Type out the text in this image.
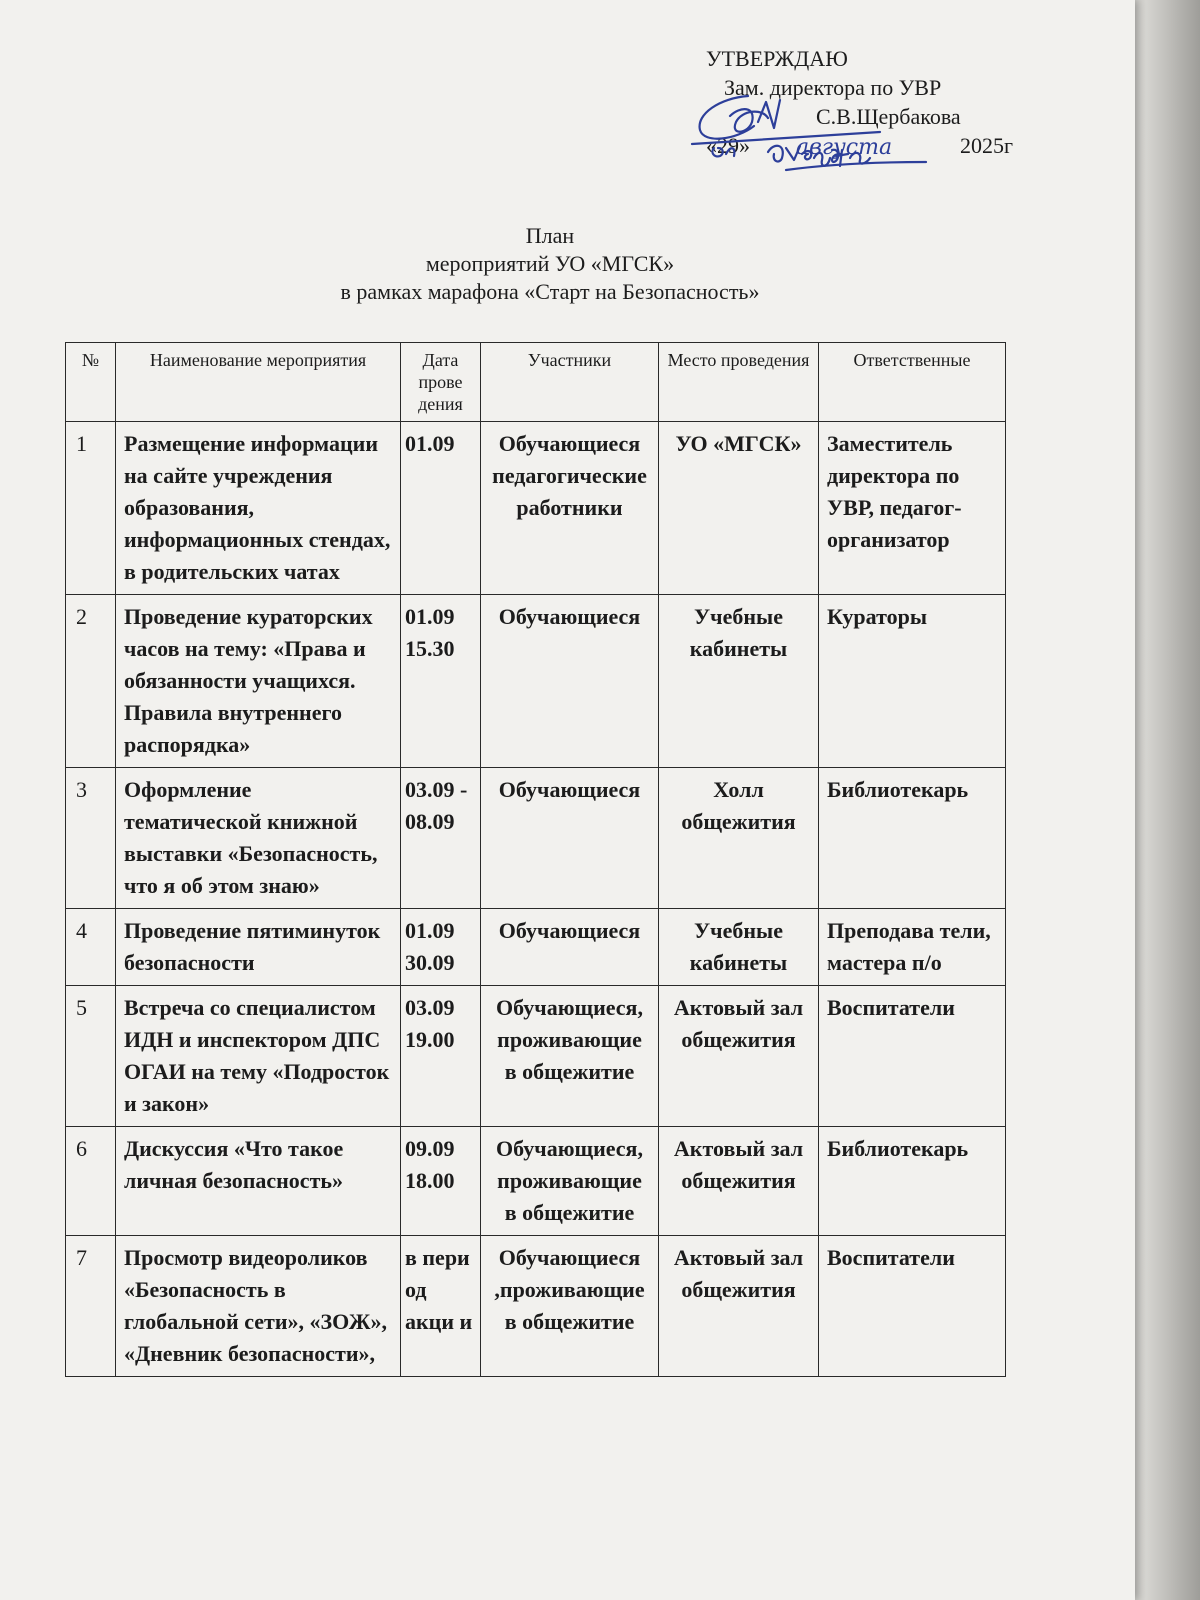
УТВЕРЖДАЮ
Зам. директора по УВР
С.В.Щербакова
«29»	2025г
августа
План
мероприятий УО «МГСК»
в рамках марафона «Старт на Безопасность»
№	Наименование мероприятия	Дата прове дения	Участники	Место проведения	Ответственные
1	Размещение информации на сайте учреждения образования, информационных стендах, в родительских чатах	01.09	Обучающиеся педагогические работники	УО «МГСК»	Заместитель директора по УВР, педагог-организатор
2	Проведение кураторских часов на тему: «Права и обязанности учащихся. Правила внутреннего распорядка»	01.09 15.30	Обучающиеся	Учебные кабинеты	Кураторы
3	Оформление тематической книжной выставки «Безопасность, что я об этом знаю»	03.09 - 08.09	Обучающиеся	Холл общежития	Библиотекарь
4	Проведение пятиминуток безопасности	01.09 30.09	Обучающиеся	Учебные кабинеты	Преподава тели, мастера п/о
5	Встреча со специалистом ИДН и инспектором ДПС ОГАИ на тему «Подросток и закон»	03.09 19.00	Обучающиеся, проживающие в общежитие	Актовый зал общежития	Воспитатели
6	Дискуссия «Что такое личная безопасность»	09.09 18.00	Обучающиеся, проживающие в общежитие	Актовый зал общежития	Библиотекарь
7	Просмотр видеороликов «Безопасность в глобальной сети», «ЗОЖ», «Дневник безопасности»,	в пери од акци и	Обучающиеся ,проживающие в общежитие	Актовый зал общежития	Воспитатели
